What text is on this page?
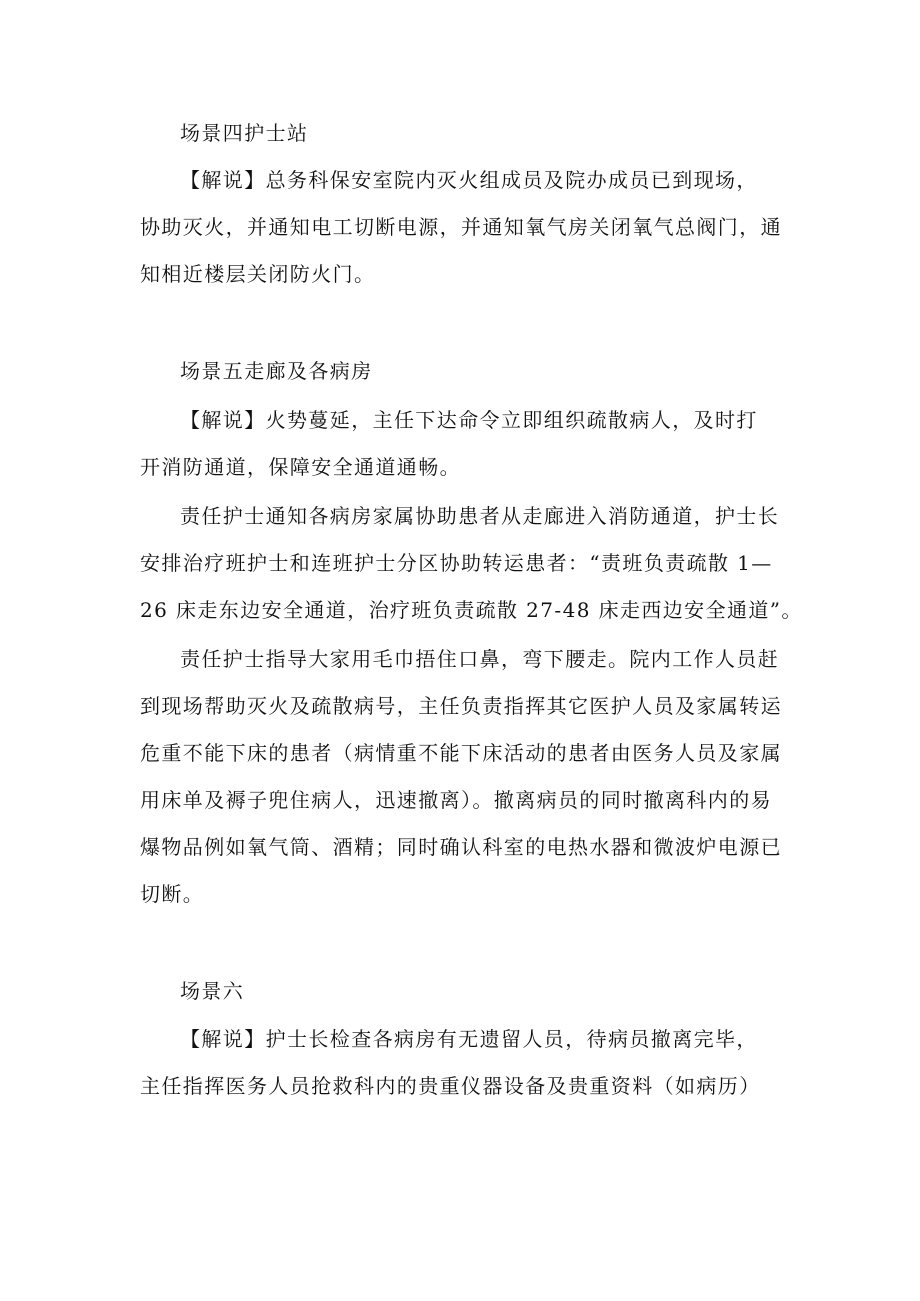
场景四护士站
【解说】总务科保安室院内灭火组成员及院办成员已到现场，
协助灭火，并通知电工切断电源，并通知氧气房关闭氧气总阀门，通
知相近楼层关闭防火门。
场景五走廊及各病房
【解说】火势蔓延，主任下达命令立即组织疏散病人，及时打
开消防通道，保障安全通道通畅。
责任护士通知各病房家属协助患者从走廊进入消防通道，护士长
安排治疗班护士和连班护士分区协助转运患者：“责班负责疏散 1—
26 床走东边安全通道，治疗班负责疏散 27-48 床走西边安全通道”。
责任护士指导大家用毛巾捂住口鼻，弯下腰走。院内工作人员赶
到现场帮助灭火及疏散病号，主任负责指挥其它医护人员及家属转运
危重不能下床的患者（病情重不能下床活动的患者由医务人员及家属
用床单及褥子兜住病人，迅速撤离）。撤离病员的同时撤离科内的易
爆物品例如氧气筒、酒精；同时确认科室的电热水器和微波炉电源已
切断。
场景六
【解说】护士长检查各病房有无遗留人员，待病员撤离完毕，
主任指挥医务人员抢救科内的贵重仪器设备及贵重资料（如病历）
